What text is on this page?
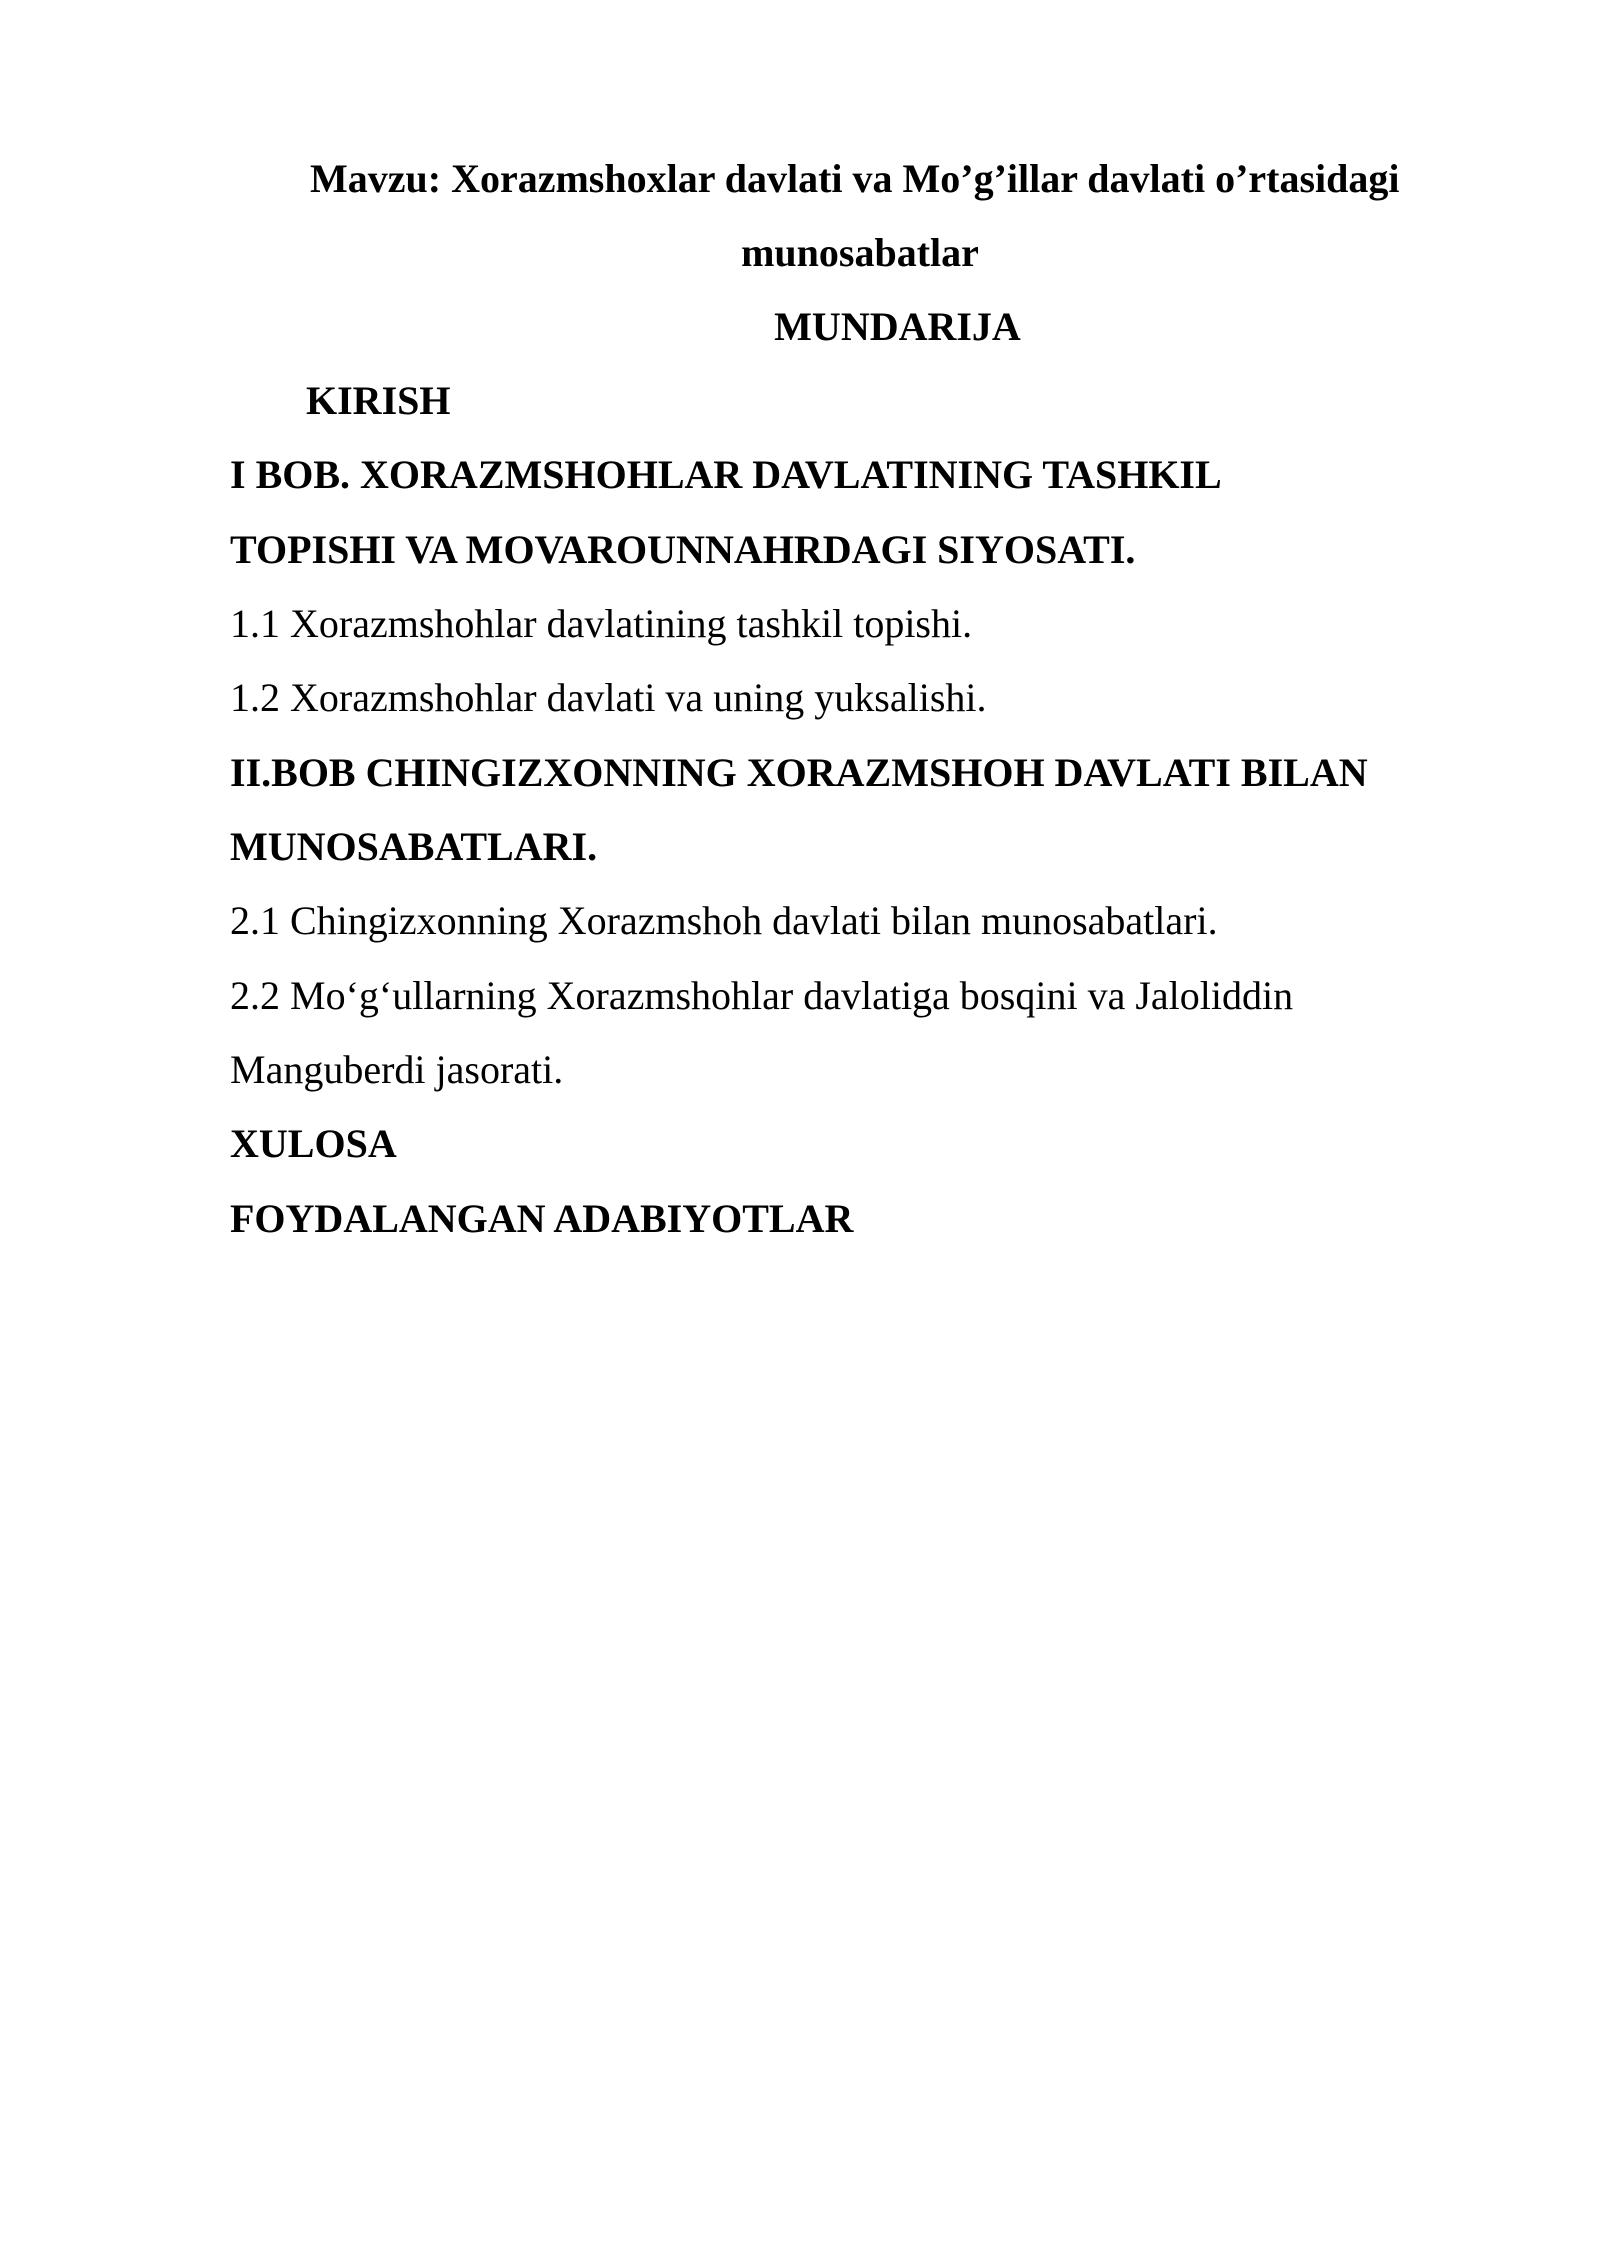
Mavzu: Xorazmshoxlar davlati va Mo’g’illar davlati o’rtasidagi

munosabatlar

MUNDARIJA

KIRISH

I BOB. XORAZMSHOHLAR DAVLATINING TASHKIL

TOPISHI VA MOVAROUNNAHRDAGI SIYOSATI.

1.1 Xorazmshohlar davlatining tashkil topishi.

1.2 Xorazmshohlar davlati va uning yuksalishi.

II.BOB CHINGIZXONNING XORAZMSHOH DAVLATI BILAN

MUNOSABATLARI.

2.1 Chingizxonning Xorazmshoh davlati bilan munosabatlari.

2.2 Mo‘g‘ullarning Xorazmshohlar davlatiga bosqini va Jaloliddin

Manguberdi jasorati.

XULOSA

FOYDALANGAN ADABIYOTLAR
